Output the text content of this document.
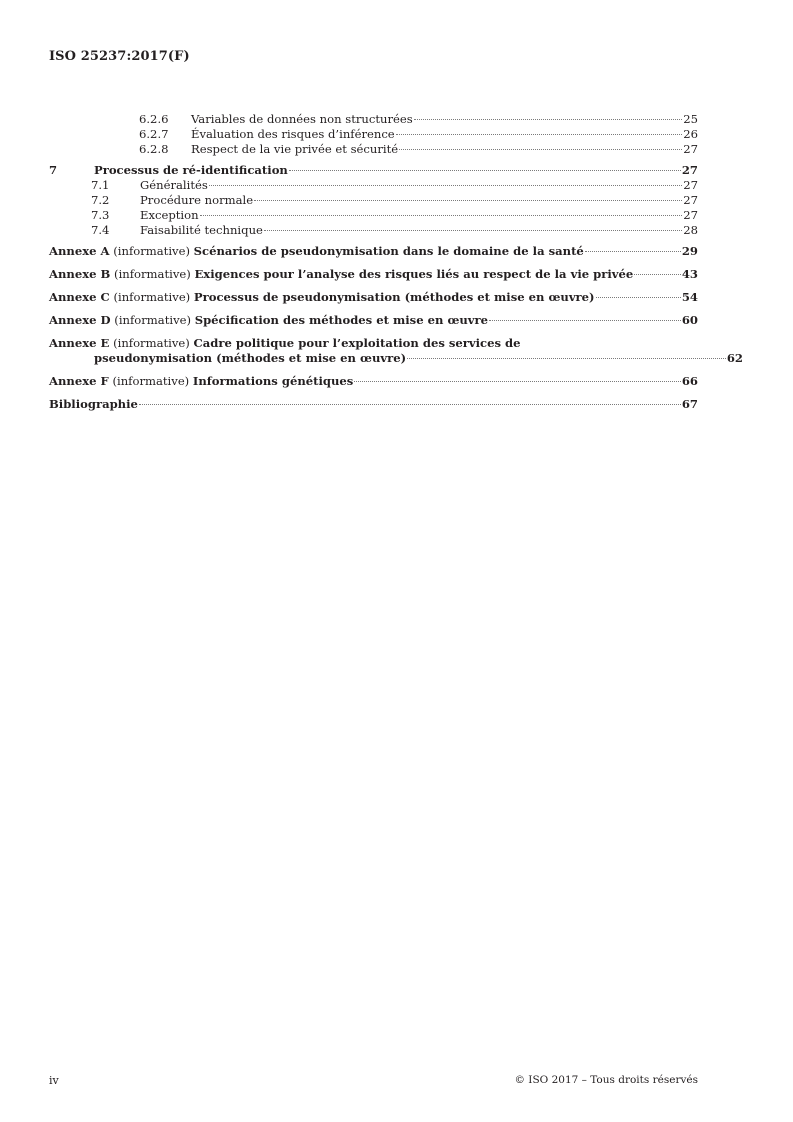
ISO 25237:2017(F)
6.2.6	Variables de données non structurées	25
6.2.7	Évaluation des risques d’inférence	26
6.2.8	Respect de la vie privée et sécurité	27
7	Processus de ré-identification	27
7.1	Généralités	27
7.2	Procédure normale	27
7.3	Exception	27
7.4	Faisabilité technique	28
Annexe A (informative) Scénarios de pseudonymisation dans le domaine de la santé	29
Annexe B (informative) Exigences pour l’analyse des risques liés au respect de la vie privée	43
Annexe C (informative) Processus de pseudonymisation (méthodes et mise en œuvre)	54
Annexe D (informative) Spécification des méthodes et mise en œuvre	60
Annexe E (informative) Cadre politique pour l’exploitation des services de
pseudonymisation (méthodes et mise en œuvre)	62
Annexe F (informative) Informations génétiques	66
Bibliographie	67
iv	© ISO 2017 – Tous droits réservés
